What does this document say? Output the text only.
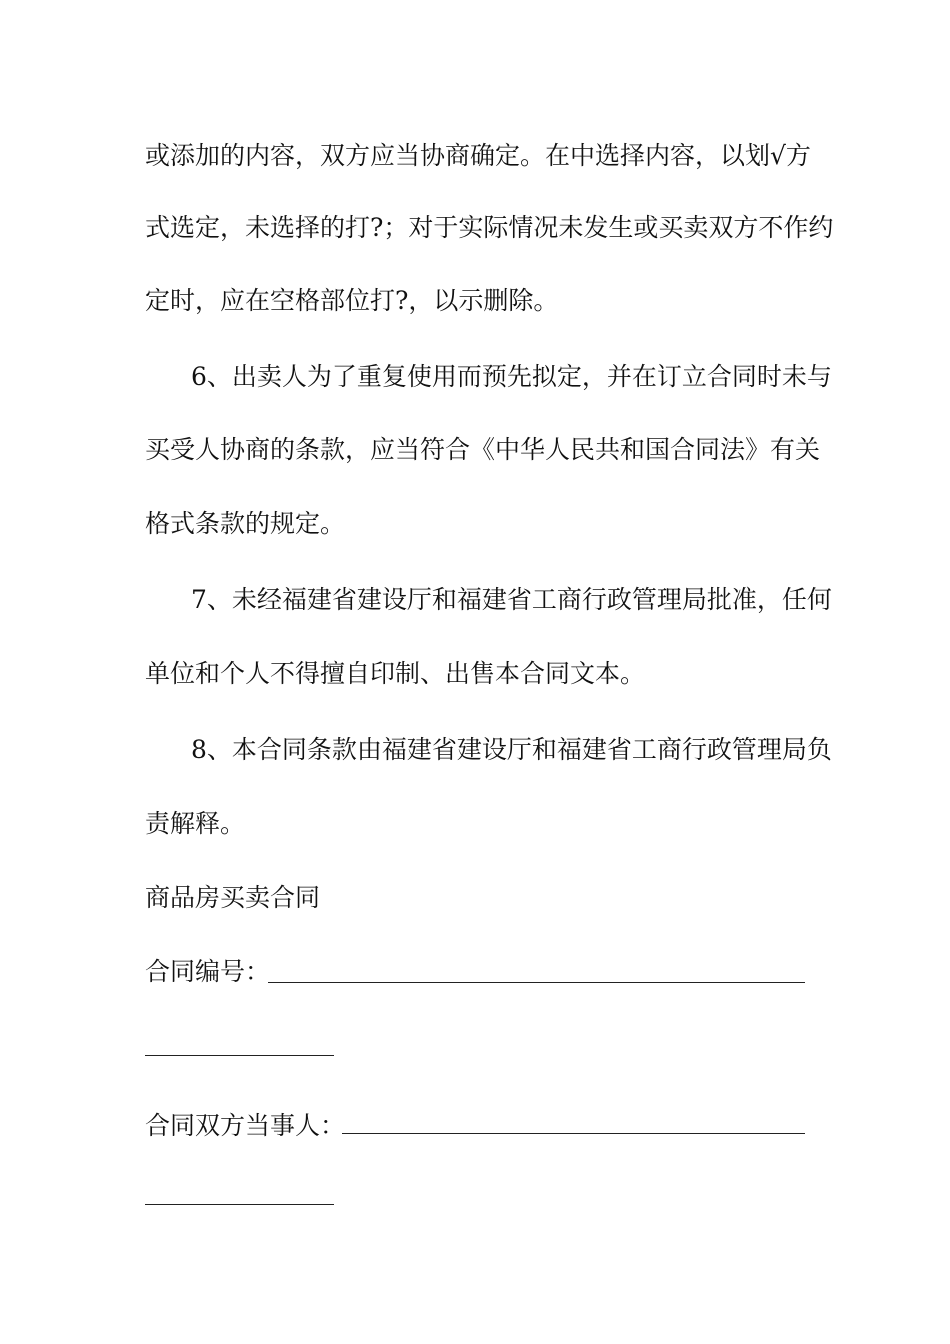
或添加的内容，双方应当协商确定。在中选择内容，以划√方
式选定，未选择的打?；对于实际情况未发生或买卖双方不作约
定时，应在空格部位打?，以示删除。
6、出卖人为了重复使用而预先拟定，并在订立合同时未与
买受人协商的条款，应当符合《中华人民共和国合同法》有关
格式条款的规定。
7、未经福建省建设厅和福建省工商行政管理局批准，任何
单位和个人不得擅自印制、出售本合同文本。
8、本合同条款由福建省建设厅和福建省工商行政管理局负
责解释。
商品房买卖合同
合同编号：
合同双方当事人：
